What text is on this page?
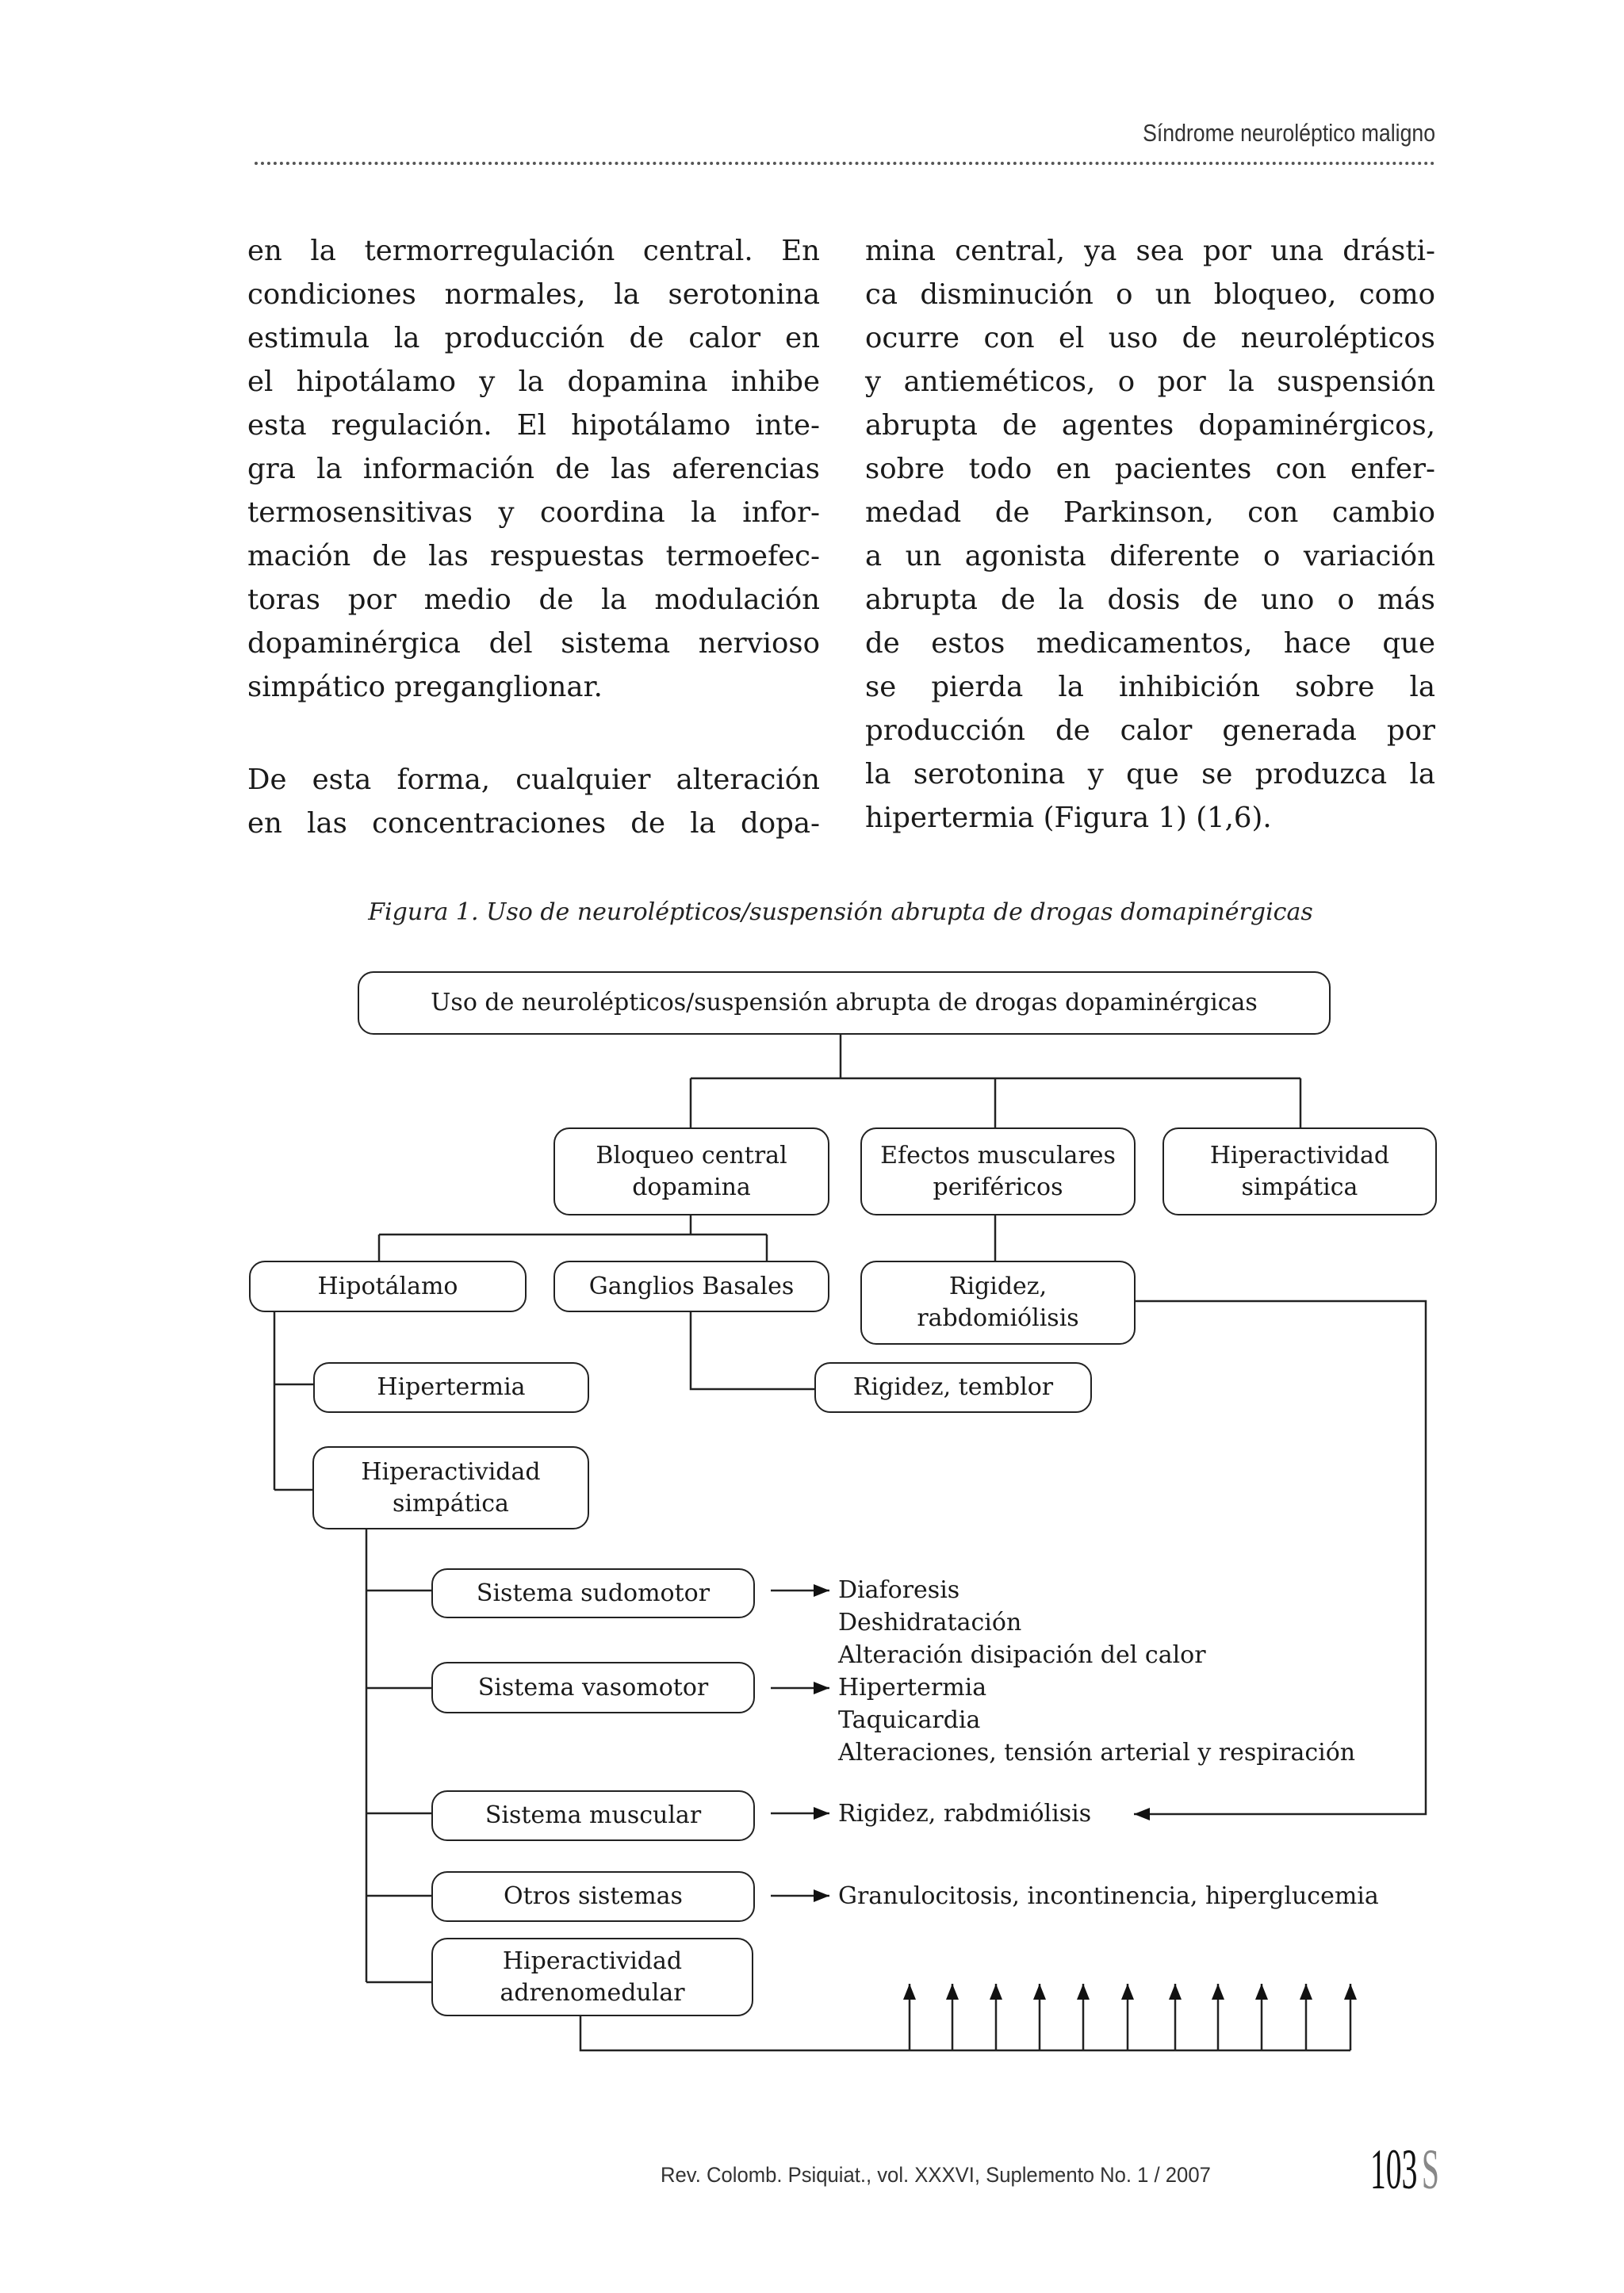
Síndrome neuroléptico maligno
en la termorregulación central. En
condiciones normales, la serotonina
estimula la producción de calor en
el hipotálamo y la dopamina inhibe
esta regulación. El hipotálamo inte-
gra la información de las aferencias
termosensitivas y coordina la infor-
mación de las respuestas termoefec-
toras por medio de la modulación
dopaminérgica del sistema nervioso
simpático preganglionar.
De esta forma, cualquier alteración
en las concentraciones de la dopa-
mina central, ya sea por una drásti-
ca disminución o un bloqueo, como
ocurre con el uso de neurolépticos
y antieméticos, o por la suspensión
abrupta de agentes dopaminérgicos,
sobre todo en pacientes con enfer-
medad de Parkinson, con cambio
a un agonista diferente o variación
abrupta de la dosis de uno o más
de estos medicamentos, hace que
se pierda la inhibición sobre la
producción de calor generada por
la serotonina y que se produzca la
hipertermia (Figura 1) (1,6).
Figura 1. Uso de neurolépticos/suspensión abrupta de drogas domapinérgicas
Uso de neurolépticos/suspensión abrupta de drogas dopaminérgicas
Bloqueo central
dopamina
Efectos musculares
periféricos
Hiperactividad
simpática
Hipotálamo	Ganglios Basales	Rigidez,
rabdomiólisis
Hipertermia	Rigidez, temblor
Hiperactividad
simpática
Sistema sudomotor
Sistema vasomotor
Sistema muscular
Otros sistemas
Hiperactividad
adrenomedular
Diaforesis
Deshidratación
Alteración disipación del calor
Hipertermia
Taquicardia
Alteraciones, tensión arterial y respiración
Rigidez, rabdmiólisis
Granulocitosis, incontinencia, hiperglucemia
Rev. Colomb. Psiquiat., vol. XXXVI, Suplemento No. 1 / 2007	103S
